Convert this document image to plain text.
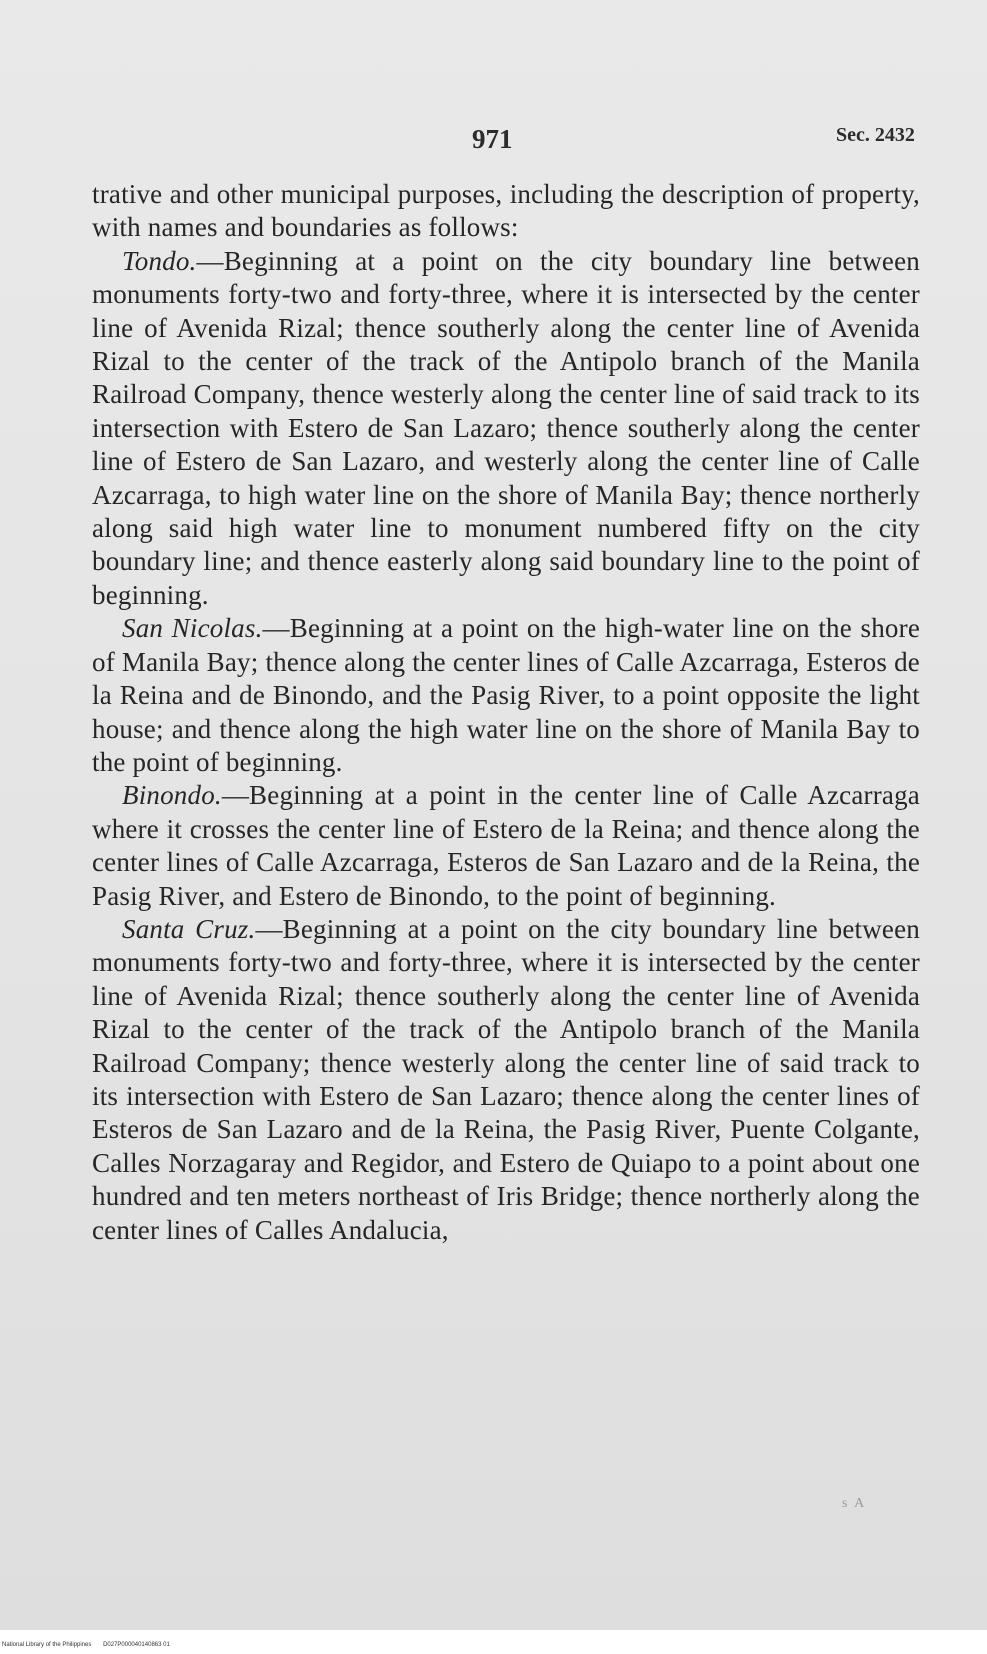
971	Sec. 2432

trative and other municipal purposes, including the description of property, with names and boundaries as follows:

Tondo.—Beginning at a point on the city boundary line between monuments forty-two and forty-three, where it is intersected by the center line of Avenida Rizal; thence southerly along the center line of Avenida Rizal to the center of the track of the Antipolo branch of the Manila Railroad Company, thence westerly along the center line of said track to its intersection with Estero de San Lazaro; thence southerly along the center line of Estero de San Lazaro, and westerly along the center line of Calle Azcarraga, to high water line on the shore of Manila Bay; thence northerly along said high water line to monument numbered fifty on the city boundary line; and thence easterly along said boundary line to the point of beginning.

San Nicolas.—Beginning at a point on the high-water line on the shore of Manila Bay; thence along the center lines of Calle Azcarraga, Esteros de la Reina and de Binondo, and the Pasig River, to a point opposite the light house; and thence along the high water line on the shore of Manila Bay to the point of beginning.

Binondo.—Beginning at a point in the center line of Calle Azcarraga where it crosses the center line of Estero de la Reina; and thence along the center lines of Calle Azcarraga, Esteros de San Lazaro and de la Reina, the Pasig River, and Estero de Binondo, to the point of beginning.

Santa Cruz.—Beginning at a point on the city boundary line between monuments forty-two and forty-three, where it is intersected by the center line of Avenida Rizal; thence southerly along the center line of Avenida Rizal to the center of the track of the Antipolo branch of the Manila Railroad Company; thence westerly along the center line of said track to its intersection with Estero de San Lazaro; thence along the center lines of Esteros de San Lazaro and de la Reina, the Pasig River, Puente Colgante, Calles Norzagaray and Regidor, and Estero de Quiapo to a point about one hundred and ten meters northeast of Iris Bridge; thence northerly along the center lines of Calles Andalucia,

s A
National Library of the Philippines D027P000040140863 01
